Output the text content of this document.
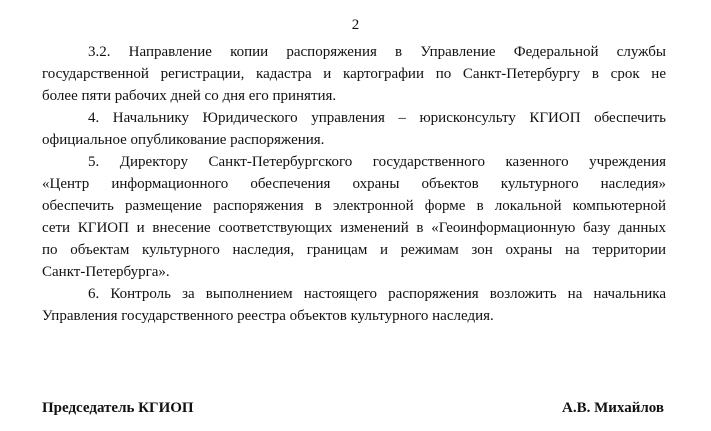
2
3.2. Направление копии распоряжения в Управление Федеральной службы
государственной регистрации, кадастра и картографии по Санкт-Петербургу в срок не
более пяти рабочих дней со дня его принятия.
4. Начальнику Юридического управления – юрисконсульту КГИОП обеспечить
официальное опубликование распоряжения.
5. Директору Санкт-Петербургского государственного казенного учреждения
«Центр информационного обеспечения охраны объектов культурного наследия»
обеспечить размещение распоряжения в электронной форме в локальной компьютерной
сети КГИОП и внесение соответствующих изменений в «Геоинформационную базу данных
по объектам культурного наследия, границам и режимам зон охраны на территории
Санкт-Петербурга».
6. Контроль за выполнением настоящего распоряжения возложить на начальника
Управления государственного реестра объектов культурного наследия.
Председатель КГИОП	А.В. Михайлов
